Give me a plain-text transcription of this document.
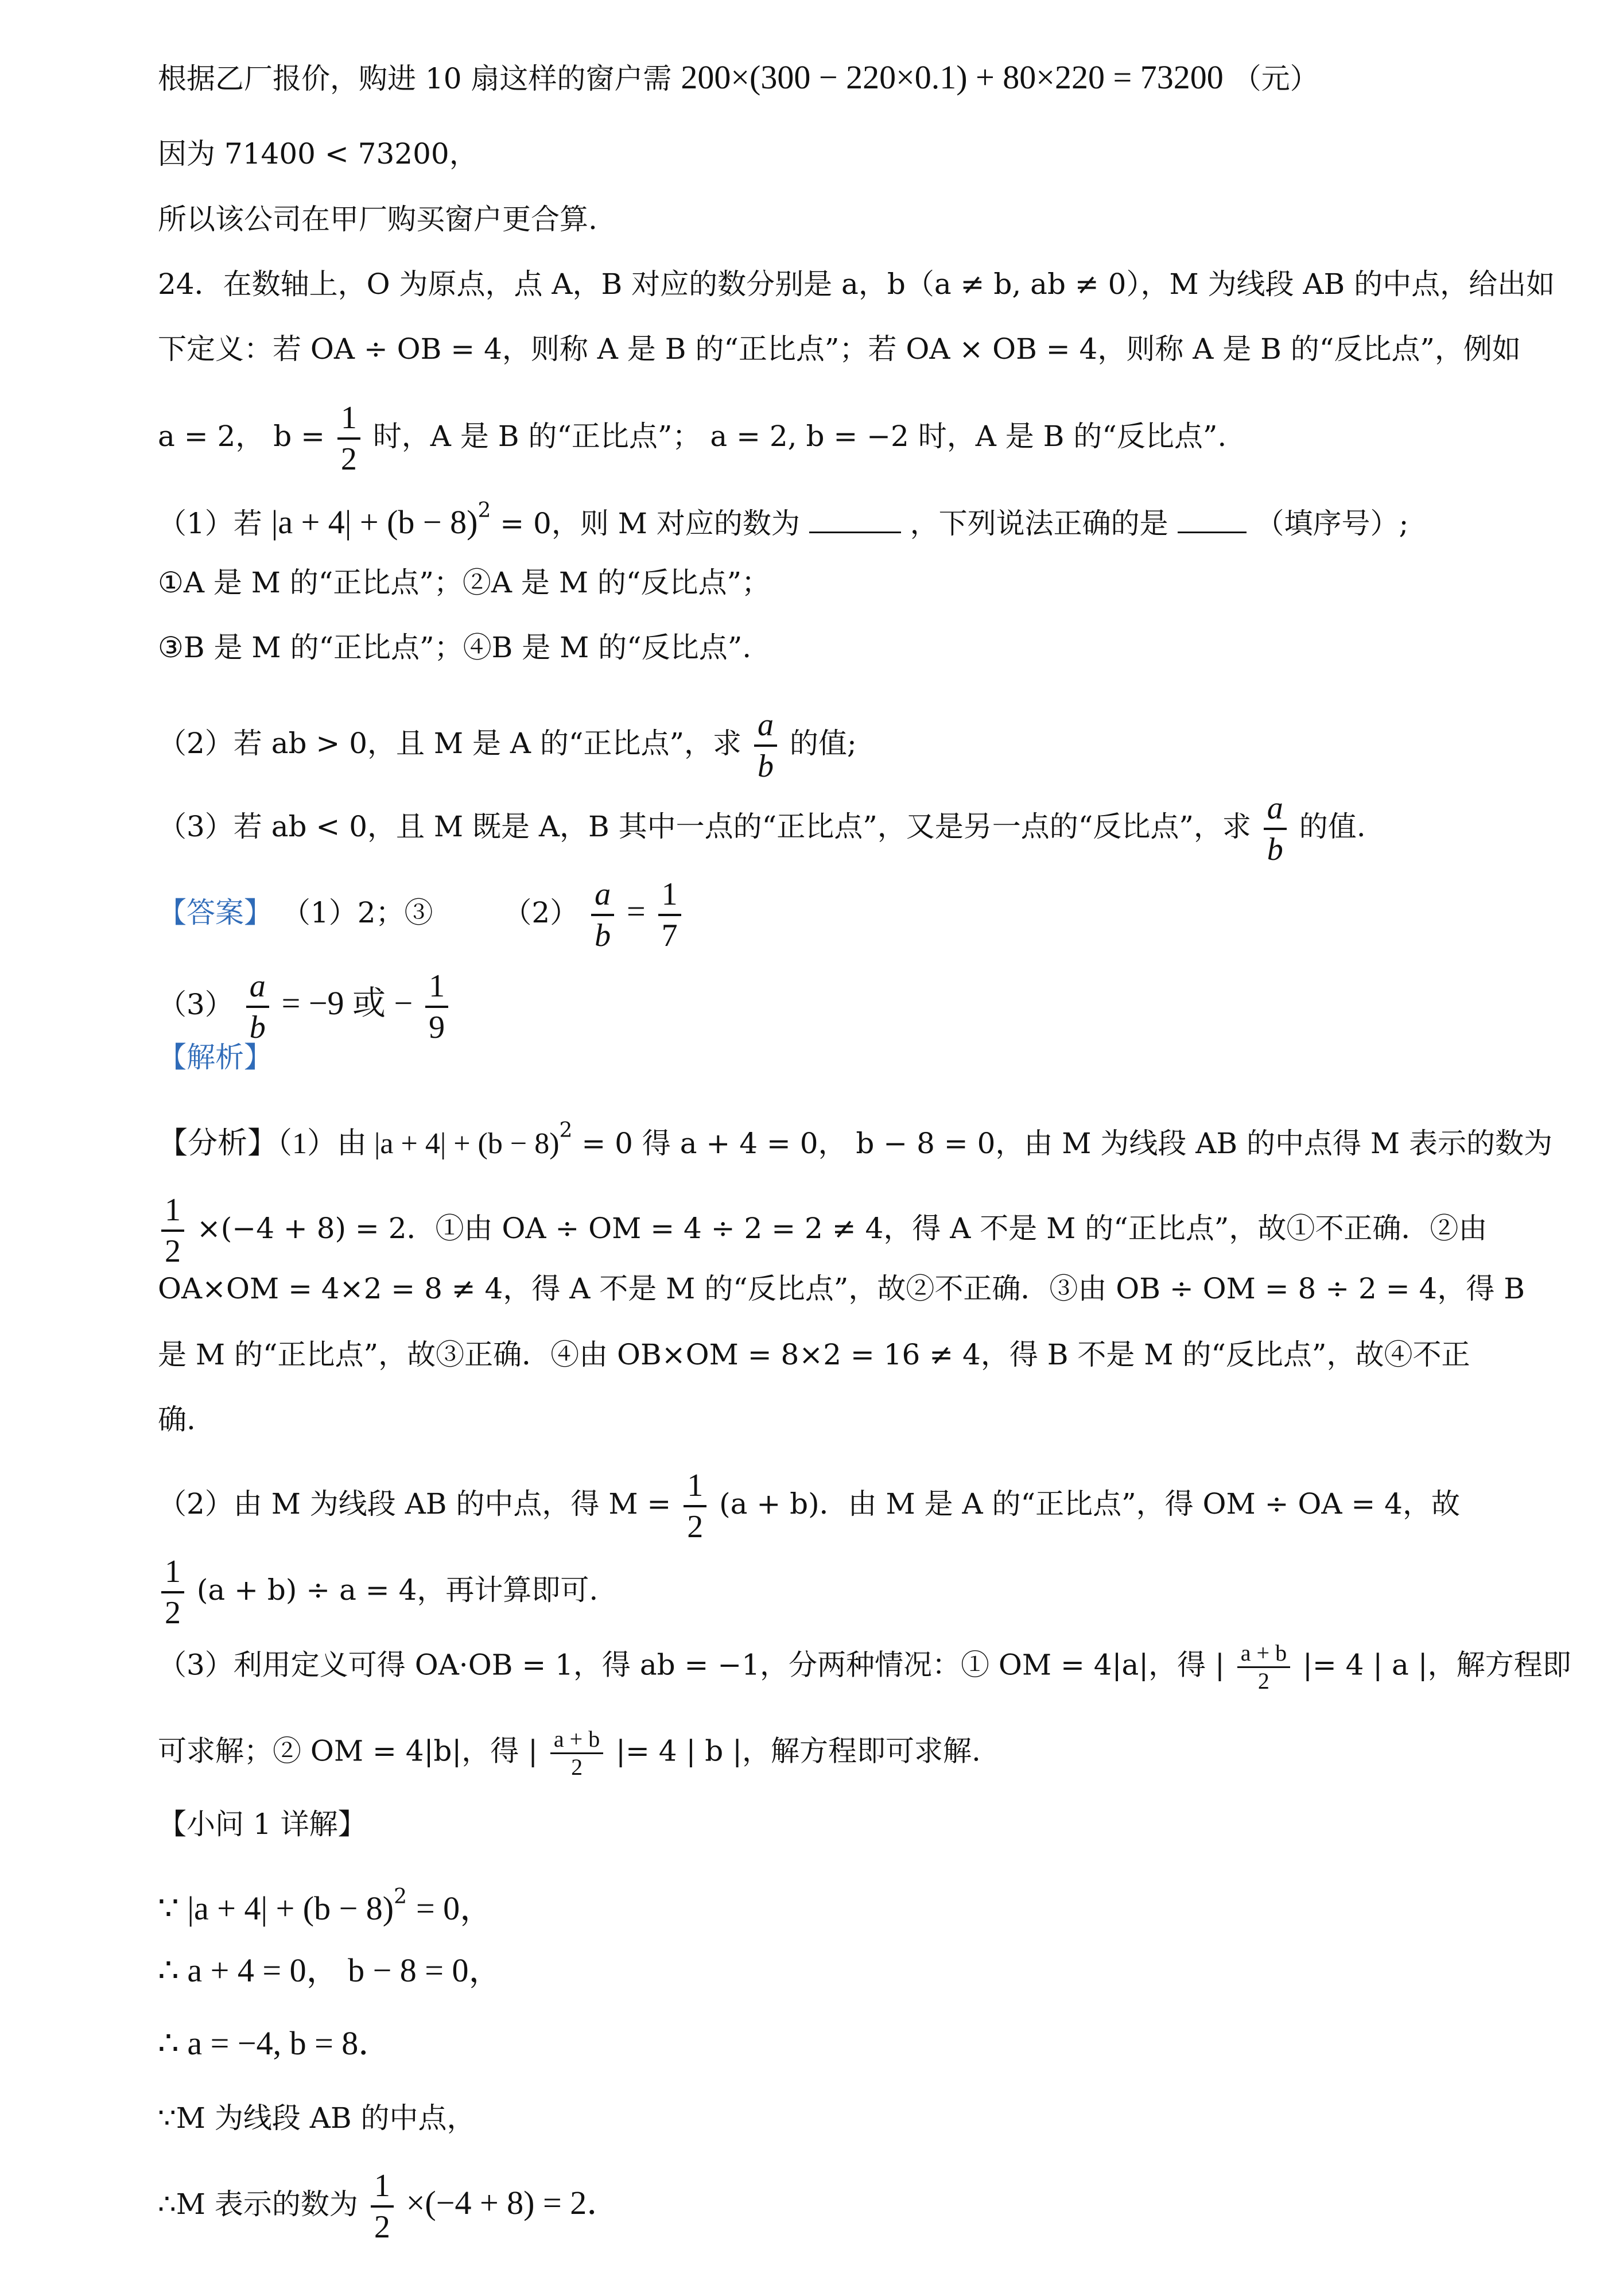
根据乙厂报价，购进 10 扇这样的窗户需 200×(300 − 220×0.1) + 80×220 = 73200 （元）
因为 71400 < 73200，
所以该公司在甲厂购买窗户更合算.
24．在数轴上，O 为原点，点 A，B 对应的数分别是 a，b（a ≠ b, ab ≠ 0），M 为线段 AB 的中点，给出如
下定义：若 OA ÷ OB = 4，则称 A 是 B 的“正比点”；若 OA × OB = 4，则称 A 是 B 的“反比点”，例如
a = 2， $b = \frac{1}{2}$ 时，A 是 B 的“正比点”； a = 2, b = −2 时，A 是 B 的“反比点”.
（1）若 $|a + 4| + (b - 8)^2 = 0$，则 M 对应的数为	，下列说法正确的是	（填序号）;
①A 是 M 的“正比点”；②A 是 M 的“反比点”；
③B 是 M 的“正比点”；④B 是 M 的“反比点”.
（2）若 ab > 0，且 M 是 A 的“正比点”，求 $\frac{a}{b}$ 的值;
（3）若 ab < 0，且 M 既是 A，B 其中一点的“正比点”，又是另一点的“反比点”，求 $\frac{a}{b}$ 的值.
【答案】 （1）2；③ $(2) \frac{a}{b} = \frac{1}{7}$
$(3) \frac{a}{b} = -9$ 或 − $\frac{1}{9}$
【解析】
【分析】（1）由 $|a + 4| + (b - 8)^2 = 0$ 得 a + 4 = 0， b − 8 = 0，由 M 为线段 AB 的中点得 M 表示的数为
$\frac{1}{2} \times(-4 + 8) = 2$．①由 OA ÷ OM = 4 ÷ 2 = 2 ≠ 4，得 A 不是 M 的“正比点”，故①不正确．②由
OA×OM = 4×2 = 8 ≠ 4，得 A 不是 M 的“反比点”，故②不正确．③由 OB ÷ OM = 8 ÷ 2 = 4，得 B
是 M 的“正比点”，故③正确．④由 OB×OM = 8×2 = 16 ≠ 4，得 B 不是 M 的“反比点”，故④不正
确.
（2）由 M 为线段 AB 的中点，得 $M = \frac{1}{2} (a + b)$．由 M 是 A 的“正比点”，得 OM ÷ OA = 4，故
$\frac{1}{2} (a + b) \div a = 4$，再计算即可.
（3）利用定义可得 OA·OB = 1，得 ab = −1，分两种情况：① OM = 4|a|，得 | $\frac{a + b}{2}$ |= 4 | a |，解方程即
可求解；② OM = 4|b|，得 | $\frac{a + b}{2}$ |= 4 | b |，解方程即可求解.
【小问 1 详解】
∵ $|a + 4| + (b - 8)^2 = 0$，
∴ a + 4 = 0， b − 8 = 0，
∴ a = −4, b = 8．
∵M 为线段 AB 的中点，
∴M 表示的数为 $\frac{1}{2} \times(-4 + 8) = 2$．
